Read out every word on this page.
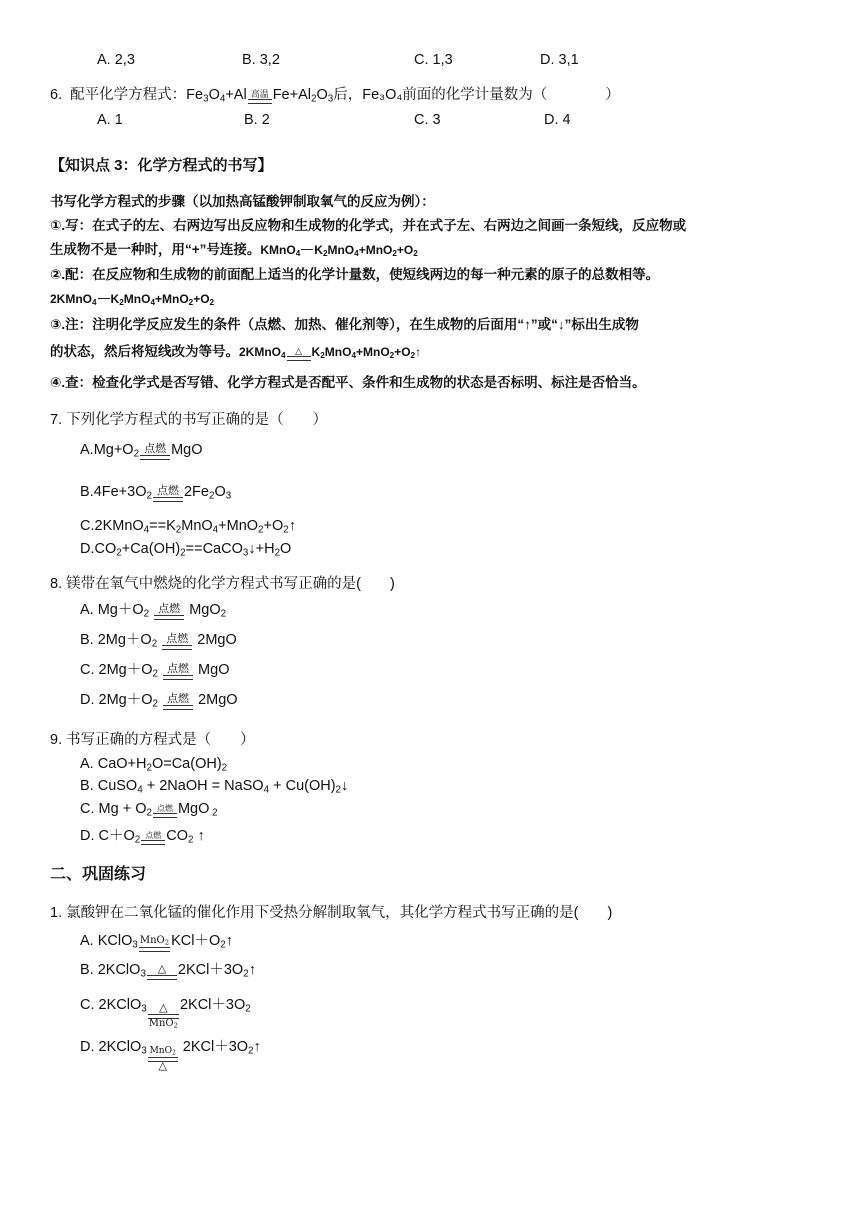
A. 2,3	B. 3,2	C. 1,3	D. 3,1
6. 配平化学方程式：$Fe_3O_4+Al$ 高温 $Fe+Al_2O_3$后，Fe₃O₄前面的化学计量数为（　　　　）
A. 1	B. 2	C. 3	D. 4
【知识点 3：化学方程式的书写】
书写化学方程式的步骤（以加热高锰酸钾制取氧气的反应为例）：
①.写：在式子的左、右两边写出反应物和生成物的化学式，并在式子左、右两边之间画一条短线，反应物或
生成物不是一种时，用“+”号连接。KMnO$_4$ $K_2MnO_4+MnO_2+O_2$
②.配：在反应物和生成物的前面配上适当的化学计量数，使短线两边的每一种元素的原子的总数相等。
2KMnO$_4$ $K_2MnO_4+MnO_2+O_2$
③.注：注明化学反应发生的条件（点燃、加热、催化剂等），在生成物的后面用“↑”或“↓”标出生成物
的状态，然后将短线改为等号。2KMnO$_4$ △ $K_2MnO_4+MnO_2+O_2↑$
④.查：检查化学式是否写错、化学方程式是否配平、条件和生成物的状态是否标明、标注是否恰当。
7. 下列化学方程式的书写正确的是（　　）
$A.Mg+O_2$ 点燃 MgO
$B.4Fe+3O_2$ 点燃 $2Fe_2O_3$
$C.2KMnO_4==K_2MnO_4+MnO_2+O_2↑$
$D.CO_2+Ca(OH)_2==CaCO_3↓+H_2O$
8. 镁带在氧气中燃烧的化学方程式书写正确的是(　　)
A. $Mg+O_2$ 点燃 MgO$_2$
B. $2Mg+O_2$ 点燃 2MgO
C. $2Mg+O_2$ 点燃 MgO
D. $2Mg+O_2$ 点燃 2MgO
9. 书写正确的方程式是（　　）
A. $CaO+H_2O=Ca(OH)_2$
B. CuSO$_4$ + 2NaOH = NaSO$_4$ + $Cu(OH)_2↓$
C. $Mg + O_2$ 点燃 MgO $_2$
D. $C+O_2$ 点燃 $CO_2$ ↑
二、巩固练习
1. 氯酸钾在二氧化锰的催化作用下受热分解制取氧气，其化学方程式书写正确的是(　　)
A. KClO$_3$ MnO$_2$ $KCl+O_2↑$
B. 2KClO$_3$ △ $2KCl+3O_2↑$
C. 2KClO$_3$ △
MnO$_2$
$2KCl+3O_2$
D. 2KClO$_3$ MnO$_2$
△
$2KCl+3O_2↑$
